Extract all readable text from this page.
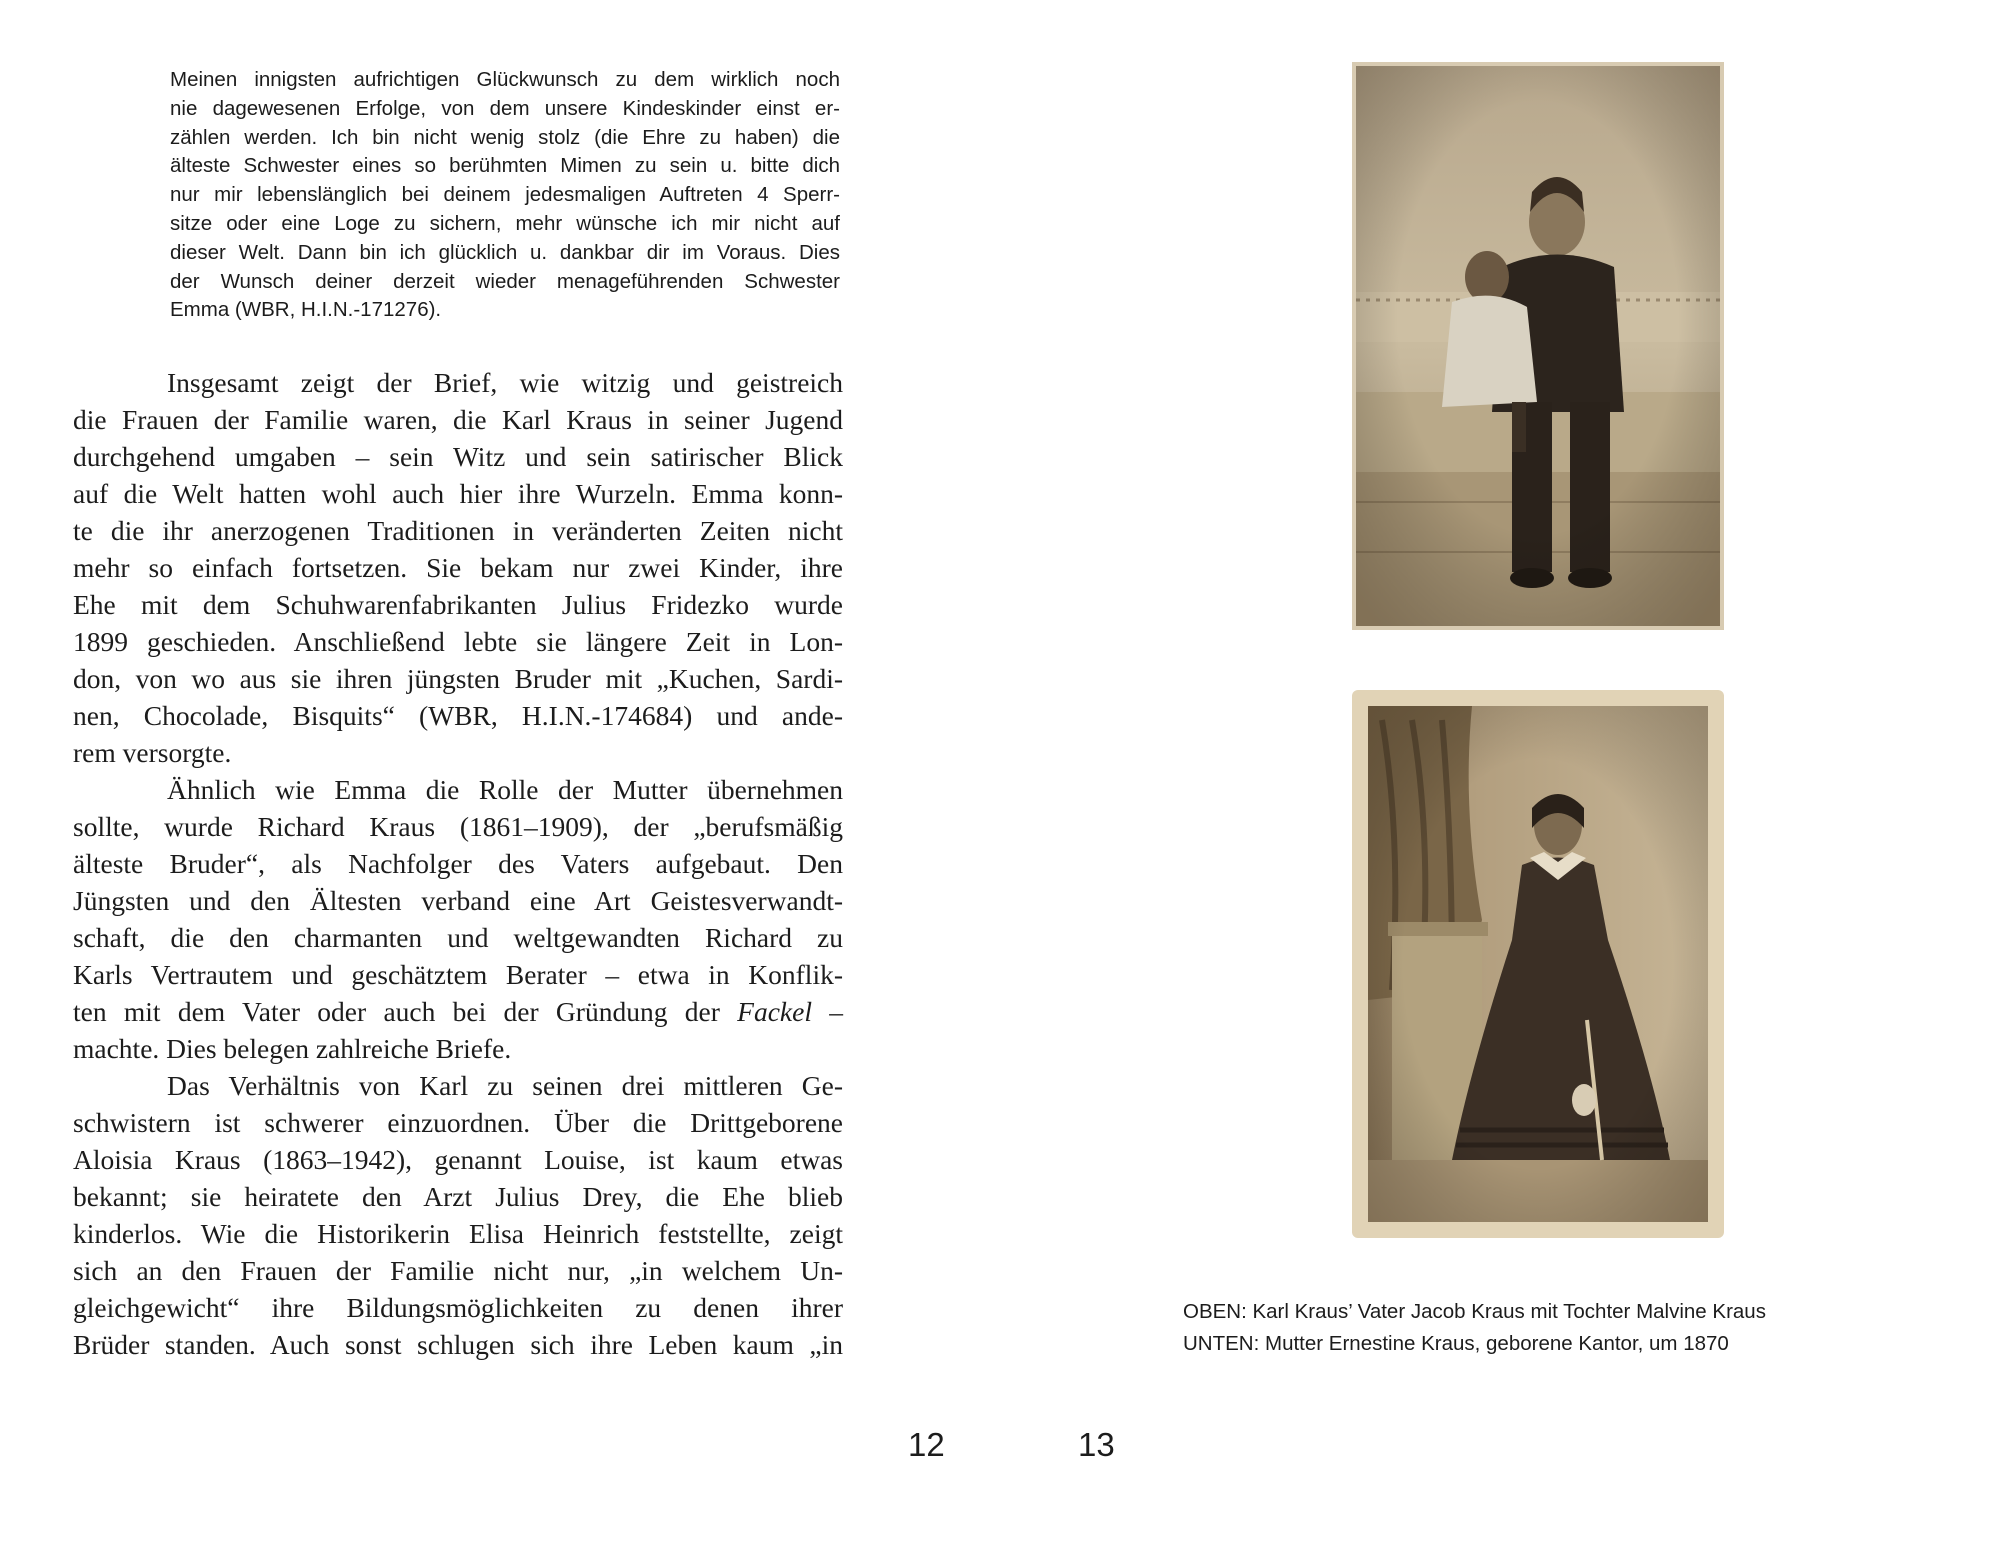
Meinen innigsten aufrichtigen Glückwunsch zu dem wirklich noch
nie dagewesenen Erfolge, von dem unsere Kindeskinder einst er-
zählen werden. Ich bin nicht wenig stolz (die Ehre zu haben) die
älteste Schwester eines so berühmten Mimen zu sein u. bitte dich
nur mir lebenslänglich bei deinem jedesmaligen Auftreten 4 Sperr-
sitze oder eine Loge zu sichern, mehr wünsche ich mir nicht auf
dieser Welt. Dann bin ich glücklich u. dankbar dir im Voraus. Dies
der Wunsch deiner derzeit wieder menageführenden Schwester
Emma (WBR, H.I.N.-171276).
Insgesamt zeigt der Brief, wie witzig und geistreich
die Frauen der Familie waren, die Karl Kraus in seiner Jugend
durchgehend umgaben – sein Witz und sein satirischer Blick
auf die Welt hatten wohl auch hier ihre Wurzeln. Emma konn-
te die ihr anerzogenen Traditionen in veränderten Zeiten nicht
mehr so einfach fortsetzen. Sie bekam nur zwei Kinder, ihre
Ehe mit dem Schuhwarenfabrikanten Julius Fridezko wurde
1899 geschieden. Anschließend lebte sie längere Zeit in Lon-
don, von wo aus sie ihren jüngsten Bruder mit „Kuchen, Sardi-
nen, Chocolade, Bisquits“ (WBR, H.I.N.-174684) und ande-
rem versorgte.
Ähnlich wie Emma die Rolle der Mutter übernehmen
sollte, wurde Richard Kraus (1861–1909), der „berufsmäßig
älteste Bruder“, als Nachfolger des Vaters aufgebaut. Den
Jüngsten und den Ältesten verband eine Art Geistesverwandt-
schaft, die den charmanten und weltgewandten Richard zu
Karls Vertrautem und geschätztem Berater – etwa in Konflik-
ten mit dem Vater oder auch bei der Gründung der Fackel –
machte. Dies belegen zahlreiche Briefe.
Das Verhältnis von Karl zu seinen drei mittleren Ge-
schwistern ist schwerer einzuordnen. Über die Drittgeborene
Aloisia Kraus (1863–1942), genannt Louise, ist kaum etwas
bekannt; sie heiratete den Arzt Julius Drey, die Ehe blieb
kinderlos. Wie die Historikerin Elisa Heinrich feststellte, zeigt
sich an den Frauen der Familie nicht nur, „in welchem Un-
gleichgewicht“ ihre Bildungsmöglichkeiten zu denen ihrer
Brüder standen. Auch sonst schlugen sich ihre Leben kaum „in
OBEN: Karl Kraus’ Vater Jacob Kraus mit Tochter Malvine Kraus
UNTEN: Mutter Ernestine Kraus, geborene Kantor, um 1870
12	13
